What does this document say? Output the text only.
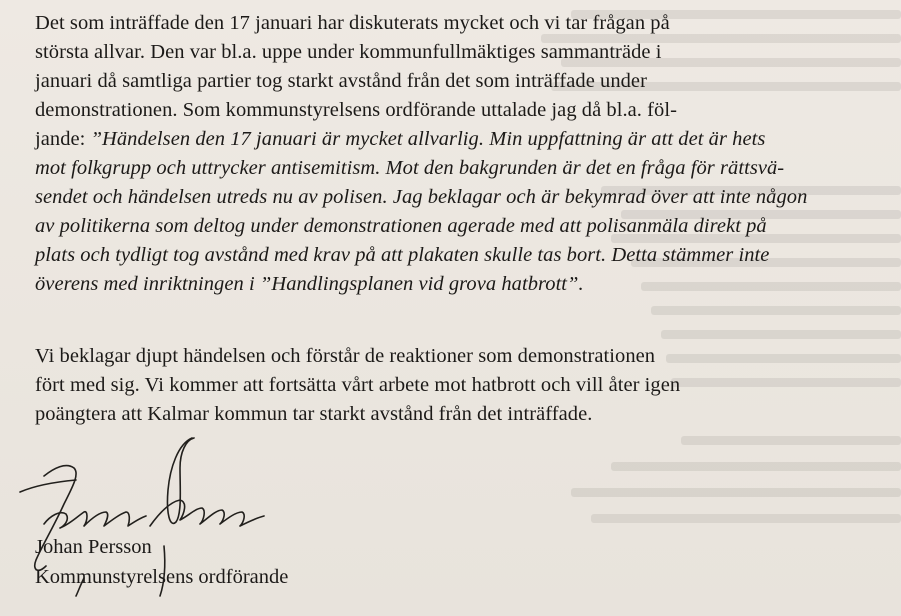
Det som inträffade den 17 januari har diskuterats mycket och vi tar frågan på
största allvar. Den var bl.a. uppe under kommunfullmäktiges sammanträde i
januari då samtliga partier tog starkt avstånd från det som inträffade under
demonstrationen. Som kommunstyrelsens ordförande uttalade jag då bl.a. föl-
jande: ”Händelsen den 17 januari är mycket allvarlig. Min uppfattning är att det är hets
mot folkgrupp och uttrycker antisemitism. Mot den bakgrunden är det en fråga för rättsvä-
sendet och händelsen utreds nu av polisen. Jag beklagar och är bekymrad över att inte någon
av politikerna som deltog under demonstrationen agerade med att polisanmäla direkt på
plats och tydligt tog avstånd med krav på att plakaten skulle tas bort. Detta stämmer inte
överens med inriktningen i ”Handlingsplanen vid grova hatbrott”.
Vi beklagar djupt händelsen och förstår de reaktioner som demonstrationen
fört med sig. Vi kommer att fortsätta vårt arbete mot hatbrott och vill åter igen
poängtera att Kalmar kommun tar starkt avstånd från det inträffade.
Johan Persson
Kommunstyrelsens ordförande
